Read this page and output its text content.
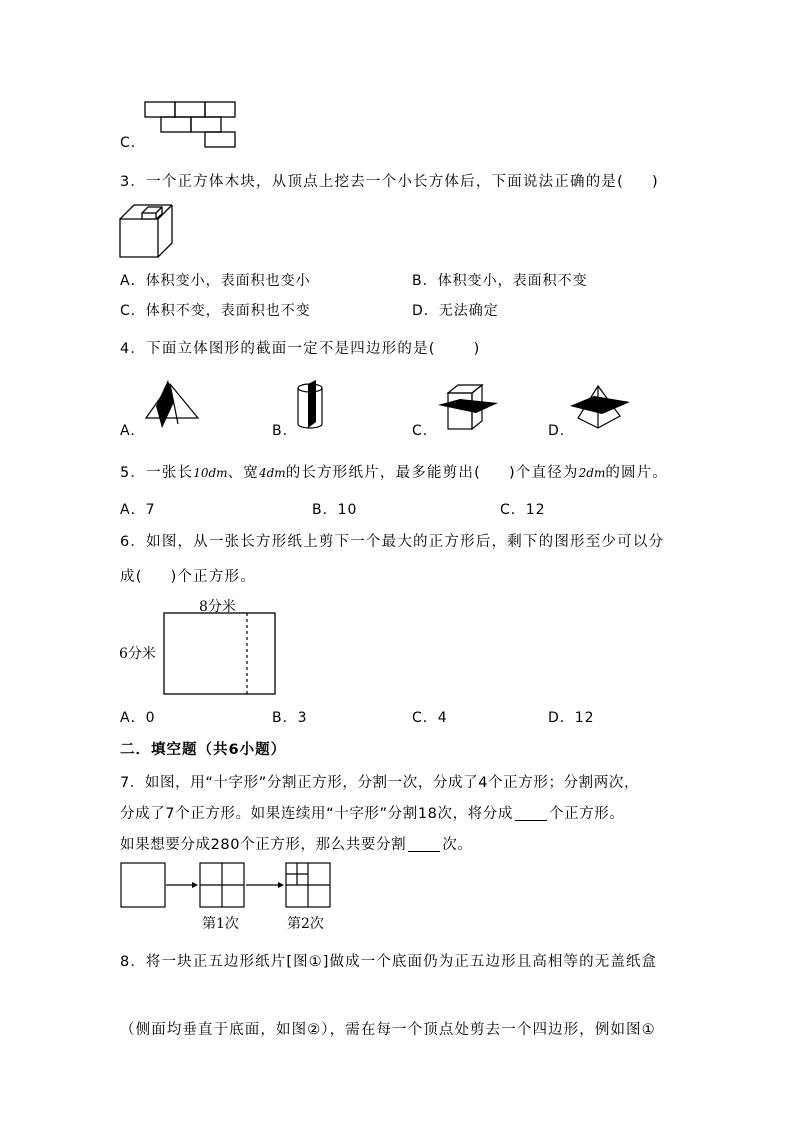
C.
3．一个正方体木块，从顶点上挖去一个小长方体后，下面说法正确的是( )
A．体积变小，表面积也变小	B．体积变小，表面积不变
C．体积不变，表面积也不变	D．无法确定
4．下面立体图形的截面一定不是四边形的是(	)
A.	B.	C.	D.
5．一张长10dm、宽4dm的长方形纸片，最多能剪出( )个直径为2dm的圆片。
A．7	B．10	C．12
6．如图，从一张长方形纸上剪下一个最大的正方形后，剩下的图形至少可以分
成( )个正方形。
8分米
6分米
A．0	B．3	C．4	D．12
二．填空题（共6小题）
7．如图，用“十字形”分割正方形，分割一次，分成了4个正方形；分割两次，
分成了7个正方形。如果连续用“十字形”分割18次，将分成 个正方形。
如果想要分成280个正方形，那么共要分割 次。
第1次	第2次
8．将一块正五边形纸片[图①]做成一个底面仍为正五边形且高相等的无盖纸盒
（侧面均垂直于底面，如图②），需在每一个顶点处剪去一个四边形，例如图①
